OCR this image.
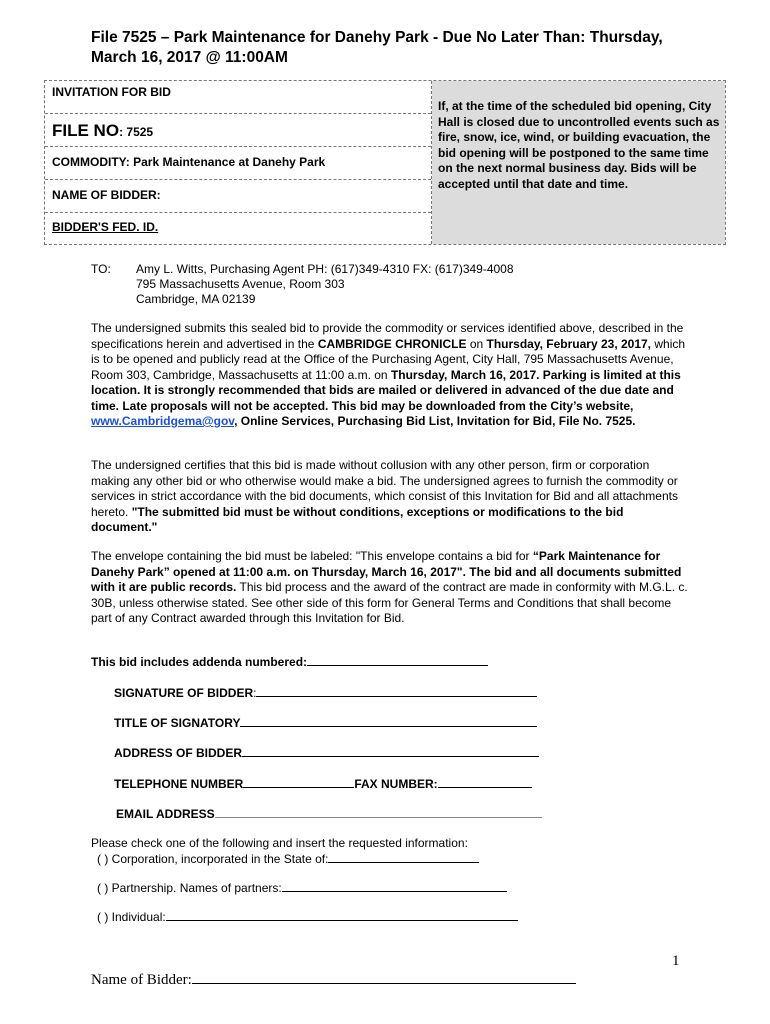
File 7525 – Park Maintenance for Danehy Park - Due No Later Than: Thursday,
March 16, 2017 @ 11:00AM
INVITATION FOR BID
FILE NO: 7525
COMMODITY: Park Maintenance at Danehy Park
NAME OF BIDDER:
BIDDER'S FED. ID.
If, at the time of the scheduled bid opening, City Hall is closed due to uncontrolled events such as fire, snow, ice, wind, or building evacuation, the bid opening will be postponed to the same time on the next normal business day. Bids will be accepted until that date and time.
TO: Amy L. Witts, Purchasing Agent PH: (617)349-4310 FX: (617)349-4008
795 Massachusetts Avenue, Room 303
Cambridge, MA 02139
The undersigned submits this sealed bid to provide the commodity or services identified above, described in the specifications herein and advertised in the CAMBRIDGE CHRONICLE on Thursday, February 23, 2017, which is to be opened and publicly read at the Office of the Purchasing Agent, City Hall, 795 Massachusetts Avenue, Room 303, Cambridge, Massachusetts at 11:00 a.m. on Thursday, March 16, 2017. Parking is limited at this location. It is strongly recommended that bids are mailed or delivered in advanced of the due date and time. Late proposals will not be accepted. This bid may be downloaded from the City’s website, www.Cambridgema@gov, Online Services, Purchasing Bid List, Invitation for Bid, File No. 7525.
The undersigned certifies that this bid is made without collusion with any other person, firm or corporation making any other bid or who otherwise would make a bid. The undersigned agrees to furnish the commodity or services in strict accordance with the bid documents, which consist of this Invitation for Bid and all attachments hereto. "The submitted bid must be without conditions, exceptions or modifications to the bid document."
The envelope containing the bid must be labeled: "This envelope contains a bid for “Park Maintenance for Danehy Park” opened at 11:00 a.m. on Thursday, March 16, 2017". The bid and all documents submitted with it are public records. This bid process and the award of the contract are made in conformity with M.G.L. c. 30B, unless otherwise stated. See other side of this form for General Terms and Conditions that shall become part of any Contract awarded through this Invitation for Bid.
This bid includes addenda numbered:
SIGNATURE OF BIDDER:
TITLE OF SIGNATORY
ADDRESS OF BIDDER
TELEPHONE NUMBER	FAX NUMBER:
EMAIL ADDRESS
Please check one of the following and insert the requested information:
( ) Corporation, incorporated in the State of:
( ) Partnership. Names of partners:
( ) Individual:
1
Name of Bidder:
